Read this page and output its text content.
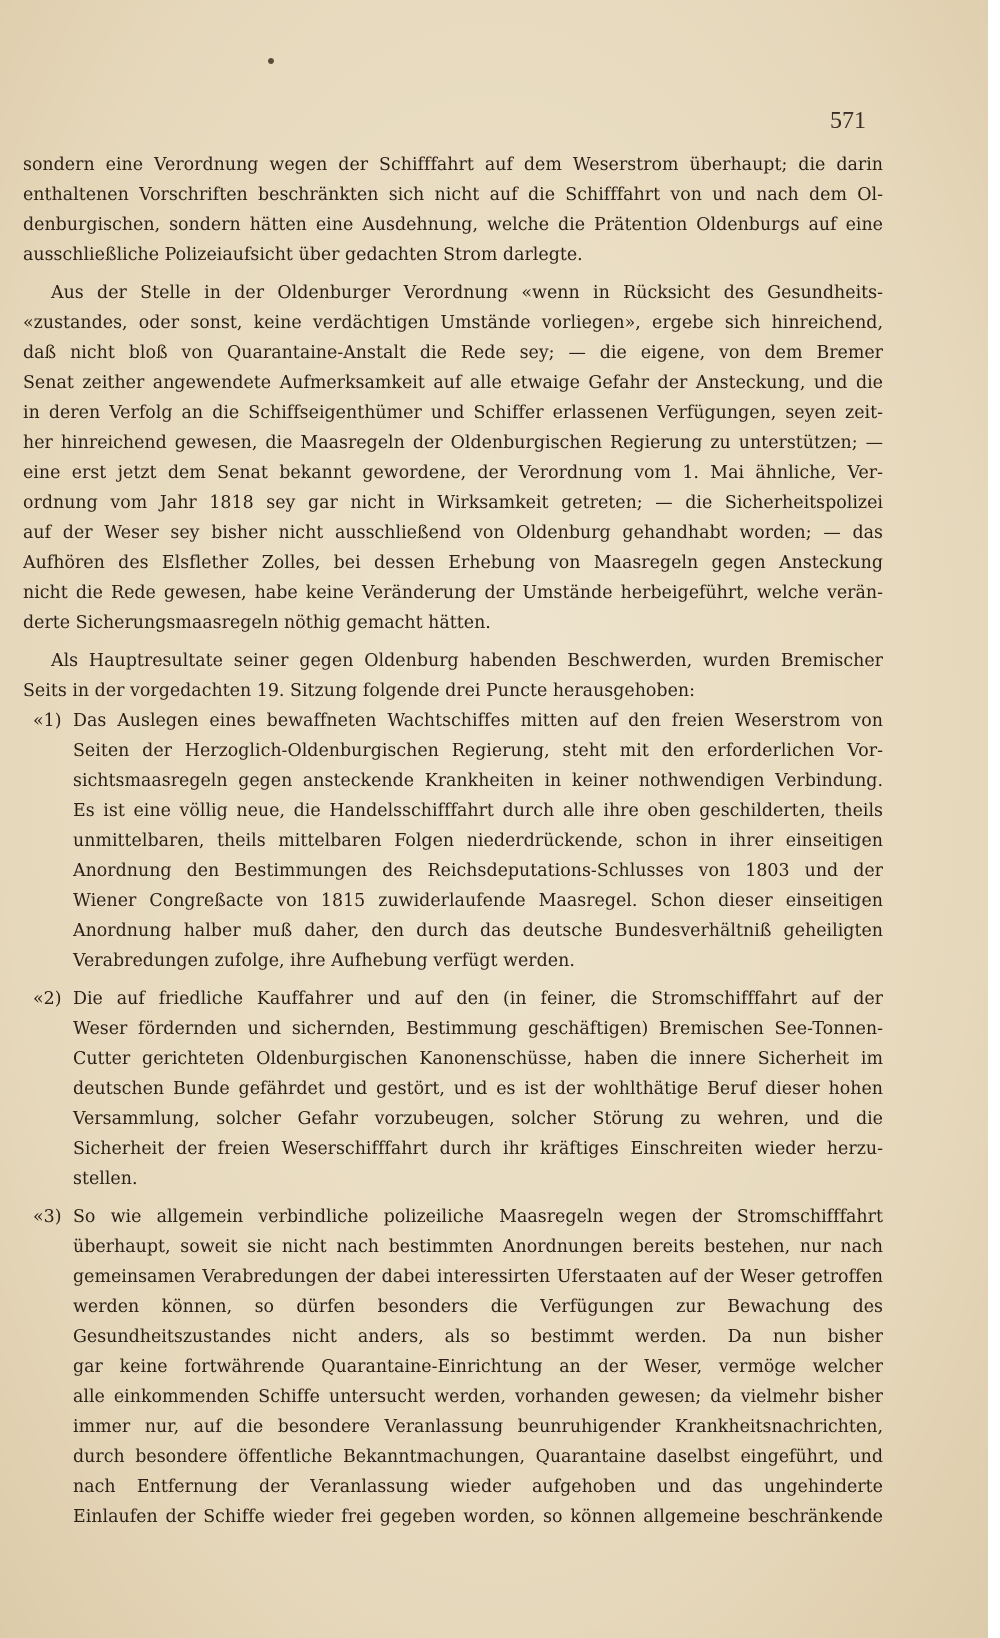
571
sondern eine Verordnung wegen der Schifffahrt auf dem Weserstrom überhaupt; die darin
enthaltenen Vorschriften beschränkten sich nicht auf die Schifffahrt von und nach dem Ol-
denburgischen, sondern hätten eine Ausdehnung, welche die Prätention Oldenburgs auf eine
ausschließliche Polizeiaufsicht über gedachten Strom darlegte.
Aus der Stelle in der Oldenburger Verordnung «wenn in Rücksicht des Gesundheits-
«zustandes, oder sonst, keine verdächtigen Umstände vorliegen», ergebe sich hinreichend,
daß nicht bloß von Quarantaine-Anstalt die Rede sey; — die eigene, von dem Bremer
Senat zeither angewendete Aufmerksamkeit auf alle etwaige Gefahr der Ansteckung, und die
in deren Verfolg an die Schiffseigenthümer und Schiffer erlassenen Verfügungen, seyen zeit-
her hinreichend gewesen, die Maasregeln der Oldenburgischen Regierung zu unterstützen; —
eine erst jetzt dem Senat bekannt gewordene, der Verordnung vom 1. Mai ähnliche, Ver-
ordnung vom Jahr 1818 sey gar nicht in Wirksamkeit getreten; — die Sicherheitspolizei
auf der Weser sey bisher nicht ausschließend von Oldenburg gehandhabt worden; — das
Aufhören des Elsflether Zolles, bei dessen Erhebung von Maasregeln gegen Ansteckung
nicht die Rede gewesen, habe keine Veränderung der Umstände herbeigeführt, welche verän-
derte Sicherungsmaasregeln nöthig gemacht hätten.
Als Hauptresultate seiner gegen Oldenburg habenden Beschwerden, wurden Bremischer
Seits in der vorgedachten 19. Sitzung folgende drei Puncte herausgehoben:
«1) Das Auslegen eines bewaffneten Wachtschiffes mitten auf den freien Weserstrom von
Seiten der Herzoglich-Oldenburgischen Regierung, steht mit den erforderlichen Vor-
sichtsmaasregeln gegen ansteckende Krankheiten in keiner nothwendigen Verbindung.
Es ist eine völlig neue, die Handelsschifffahrt durch alle ihre oben geschilderten, theils
unmittelbaren, theils mittelbaren Folgen niederdrückende, schon in ihrer einseitigen
Anordnung den Bestimmungen des Reichsdeputations-Schlusses von 1803 und der
Wiener Congreßacte von 1815 zuwiderlaufende Maasregel. Schon dieser einseitigen
Anordnung halber muß daher, den durch das deutsche Bundesverhältniß geheiligten
Verabredungen zufolge, ihre Aufhebung verfügt werden.
«2) Die auf friedliche Kauffahrer und auf den (in feiner, die Stromschifffahrt auf der
Weser fördernden und sichernden, Bestimmung geschäftigen) Bremischen See-Tonnen-
Cutter gerichteten Oldenburgischen Kanonenschüsse, haben die innere Sicherheit im
deutschen Bunde gefährdet und gestört, und es ist der wohlthätige Beruf dieser hohen
Versammlung, solcher Gefahr vorzubeugen, solcher Störung zu wehren, und die
Sicherheit der freien Weserschifffahrt durch ihr kräftiges Einschreiten wieder herzu-
stellen.
«3) So wie allgemein verbindliche polizeiliche Maasregeln wegen der Stromschifffahrt
überhaupt, soweit sie nicht nach bestimmten Anordnungen bereits bestehen, nur nach
gemeinsamen Verabredungen der dabei interessirten Uferstaaten auf der Weser getroffen
werden können, so dürfen besonders die Verfügungen zur Bewachung des
Gesundheitszustandes nicht anders, als so bestimmt werden. Da nun bisher
gar keine fortwährende Quarantaine-Einrichtung an der Weser, vermöge welcher
alle einkommenden Schiffe untersucht werden, vorhanden gewesen; da vielmehr bisher
immer nur, auf die besondere Veranlassung beunruhigender Krankheitsnachrichten,
durch besondere öffentliche Bekanntmachungen, Quarantaine daselbst eingeführt, und
nach Entfernung der Veranlassung wieder aufgehoben und das ungehinderte
Einlaufen der Schiffe wieder frei gegeben worden, so können allgemeine beschränkende
